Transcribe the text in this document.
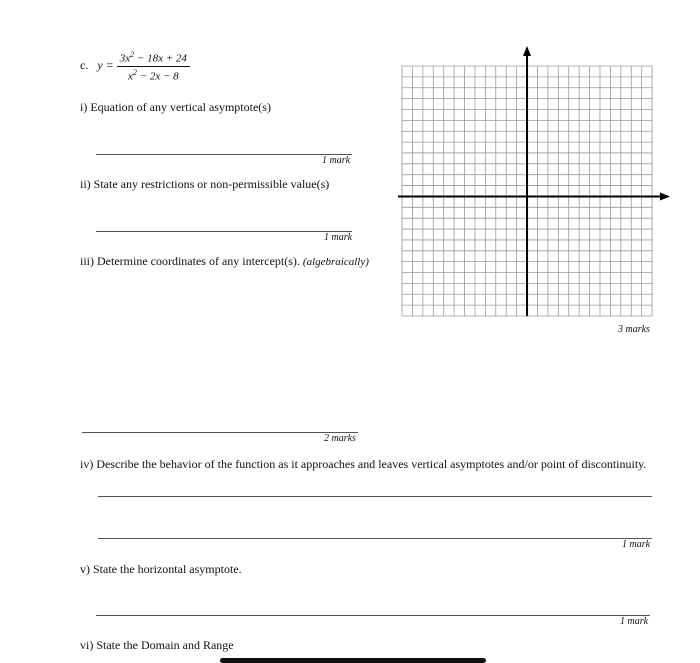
c. $y = \frac{3x^2 - 18x + 24}{x^2 - 2x - 8}$
i) Equation of any vertical asymptote(s)
1 mark
ii) State any restrictions or non-permissible value(s)
1 mark
iii) Determine coordinates of any intercept(s). (algebraically)
2 marks
3 marks
iv) Describe the behavior of the function as it approaches and leaves vertical asymptotes and/or point of discontinuity.
1 mark
v) State the horizontal asymptote.
1 mark
vi) State the Domain and Range
